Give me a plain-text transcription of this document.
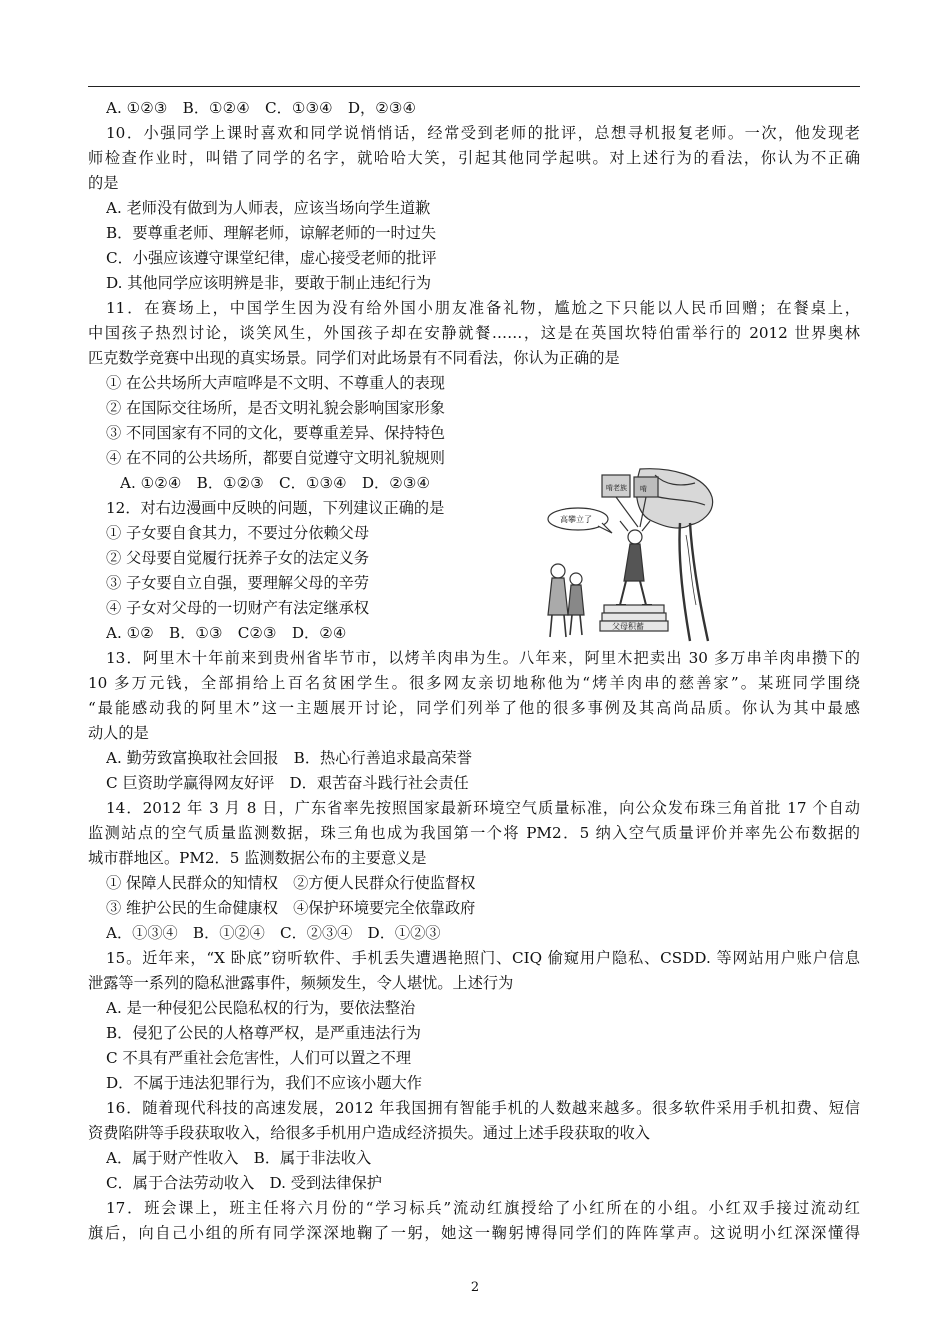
A. ①②③　B．①②④　C．①③④　D，②③④
10．小强同学上课时喜欢和同学说悄悄话，经常受到老师的批评，总想寻机报复老师。一次，他发现老
师检查作业时，叫错了同学的名字，就哈哈大笑，引起其他同学起哄。对上述行为的看法，你认为不正确
的是
A. 老师没有做到为人师表，应该当场向学生道歉
B．要尊重老师、理解老师，谅解老师的一时过失
C．小强应该遵守课堂纪律，虚心接受老师的批评
D. 其他同学应该明辨是非，要敢于制止违纪行为
11．在赛场上，中国学生因为没有给外国小朋友准备礼物，尴尬之下只能以人民币回赠；在餐桌上，
中国孩子热烈讨论，谈笑风生，外国孩子却在安静就餐……，这是在英国坎特伯雷举行的 2012 世界奥林
匹克数学竞赛中出现的真实场景。同学们对此场景有不同看法，你认为正确的是
① 在公共场所大声喧哗是不文明、不尊重人的表现
② 在国际交往场所，是否文明礼貌会影响国家形象
③ 不同国家有不同的文化，要尊重差异、保持特色
④ 在不同的公共场所，都要自觉遵守文明礼貌规则
A. ①②④　B．①②③　C．①③④　D．②③④
12．对右边漫画中反映的问题，下列建议正确的是
① 子女要自食其力，不要过分依赖父母
② 父母要自觉履行抚养子女的法定义务
③ 子女要自立自强，要理解父母的辛劳
④ 子女对父母的一切财产有法定继承权
A. ①②　B．①③　C②③　D．②④
13．阿里木十年前来到贵州省毕节市，以烤羊肉串为生。八年来，阿里木把卖出 30 多万串羊肉串攒下的
10 多万元钱，全部捐给上百名贫困学生。很多网友亲切地称他为“烤羊肉串的慈善家”。某班同学围绕
“最能感动我的阿里木”这一主题展开讨论，同学们列举了他的很多事例及其高尚品质。你认为其中最感
动人的是
A. 勤劳致富换取社会回报　B．热心行善追求最高荣誉
C 巨资助学赢得网友好评　D．艰苦奋斗践行社会责任
14．2012 年 3 月 8 日，广东省率先按照国家最新环境空气质量标准，向公众发布珠三角首批 17 个自动
监测站点的空气质量监测数据，珠三角也成为我国第一个将 PM2．5 纳入空气质量评价并率先公布数据的
城市群地区。PM2．5 监测数据公布的主要意义是
① 保障人民群众的知情权　②方便人民群众行使监督权
③ 维护公民的生命健康权　④保护环境要完全依靠政府
A．①③④　B．①②④　C．②③④　D．①②③
15。近年来，“X 卧底”窃听软件、手机丢失遭遇艳照门、CIQ 偷窥用户隐私、CSDD. 等网站用户账户信息
泄露等一系列的隐私泄露事件，频频发生，令人堪忧。上述行为
A. 是一种侵犯公民隐私权的行为，要依法整治
B．侵犯了公民的人格尊严权，是严重违法行为
C 不具有严重社会危害性，人们可以置之不理
D．不属于违法犯罪行为，我们不应该小题大作
16．随着现代科技的高速发展，2012 年我国拥有智能手机的人数越来越多。很多软件采用手机扣费、短信
资费陷阱等手段获取收入，给很多手机用户造成经济损失。通过上述手段获取的收入
A．属于财产性收入　B．属于非法收入
C．属于合法劳动收入　D. 受到法律保护
17．班会课上，班主任将六月份的“学习标兵”流动红旗授给了小红所在的小组。小红双手接过流动红
旗后，向自己小组的所有同学深深地鞠了一躬，她这一鞠躬博得同学们的阵阵掌声。这说明小红深深懂得
啃老族 啃
高攀立了
父母积蓄
2
